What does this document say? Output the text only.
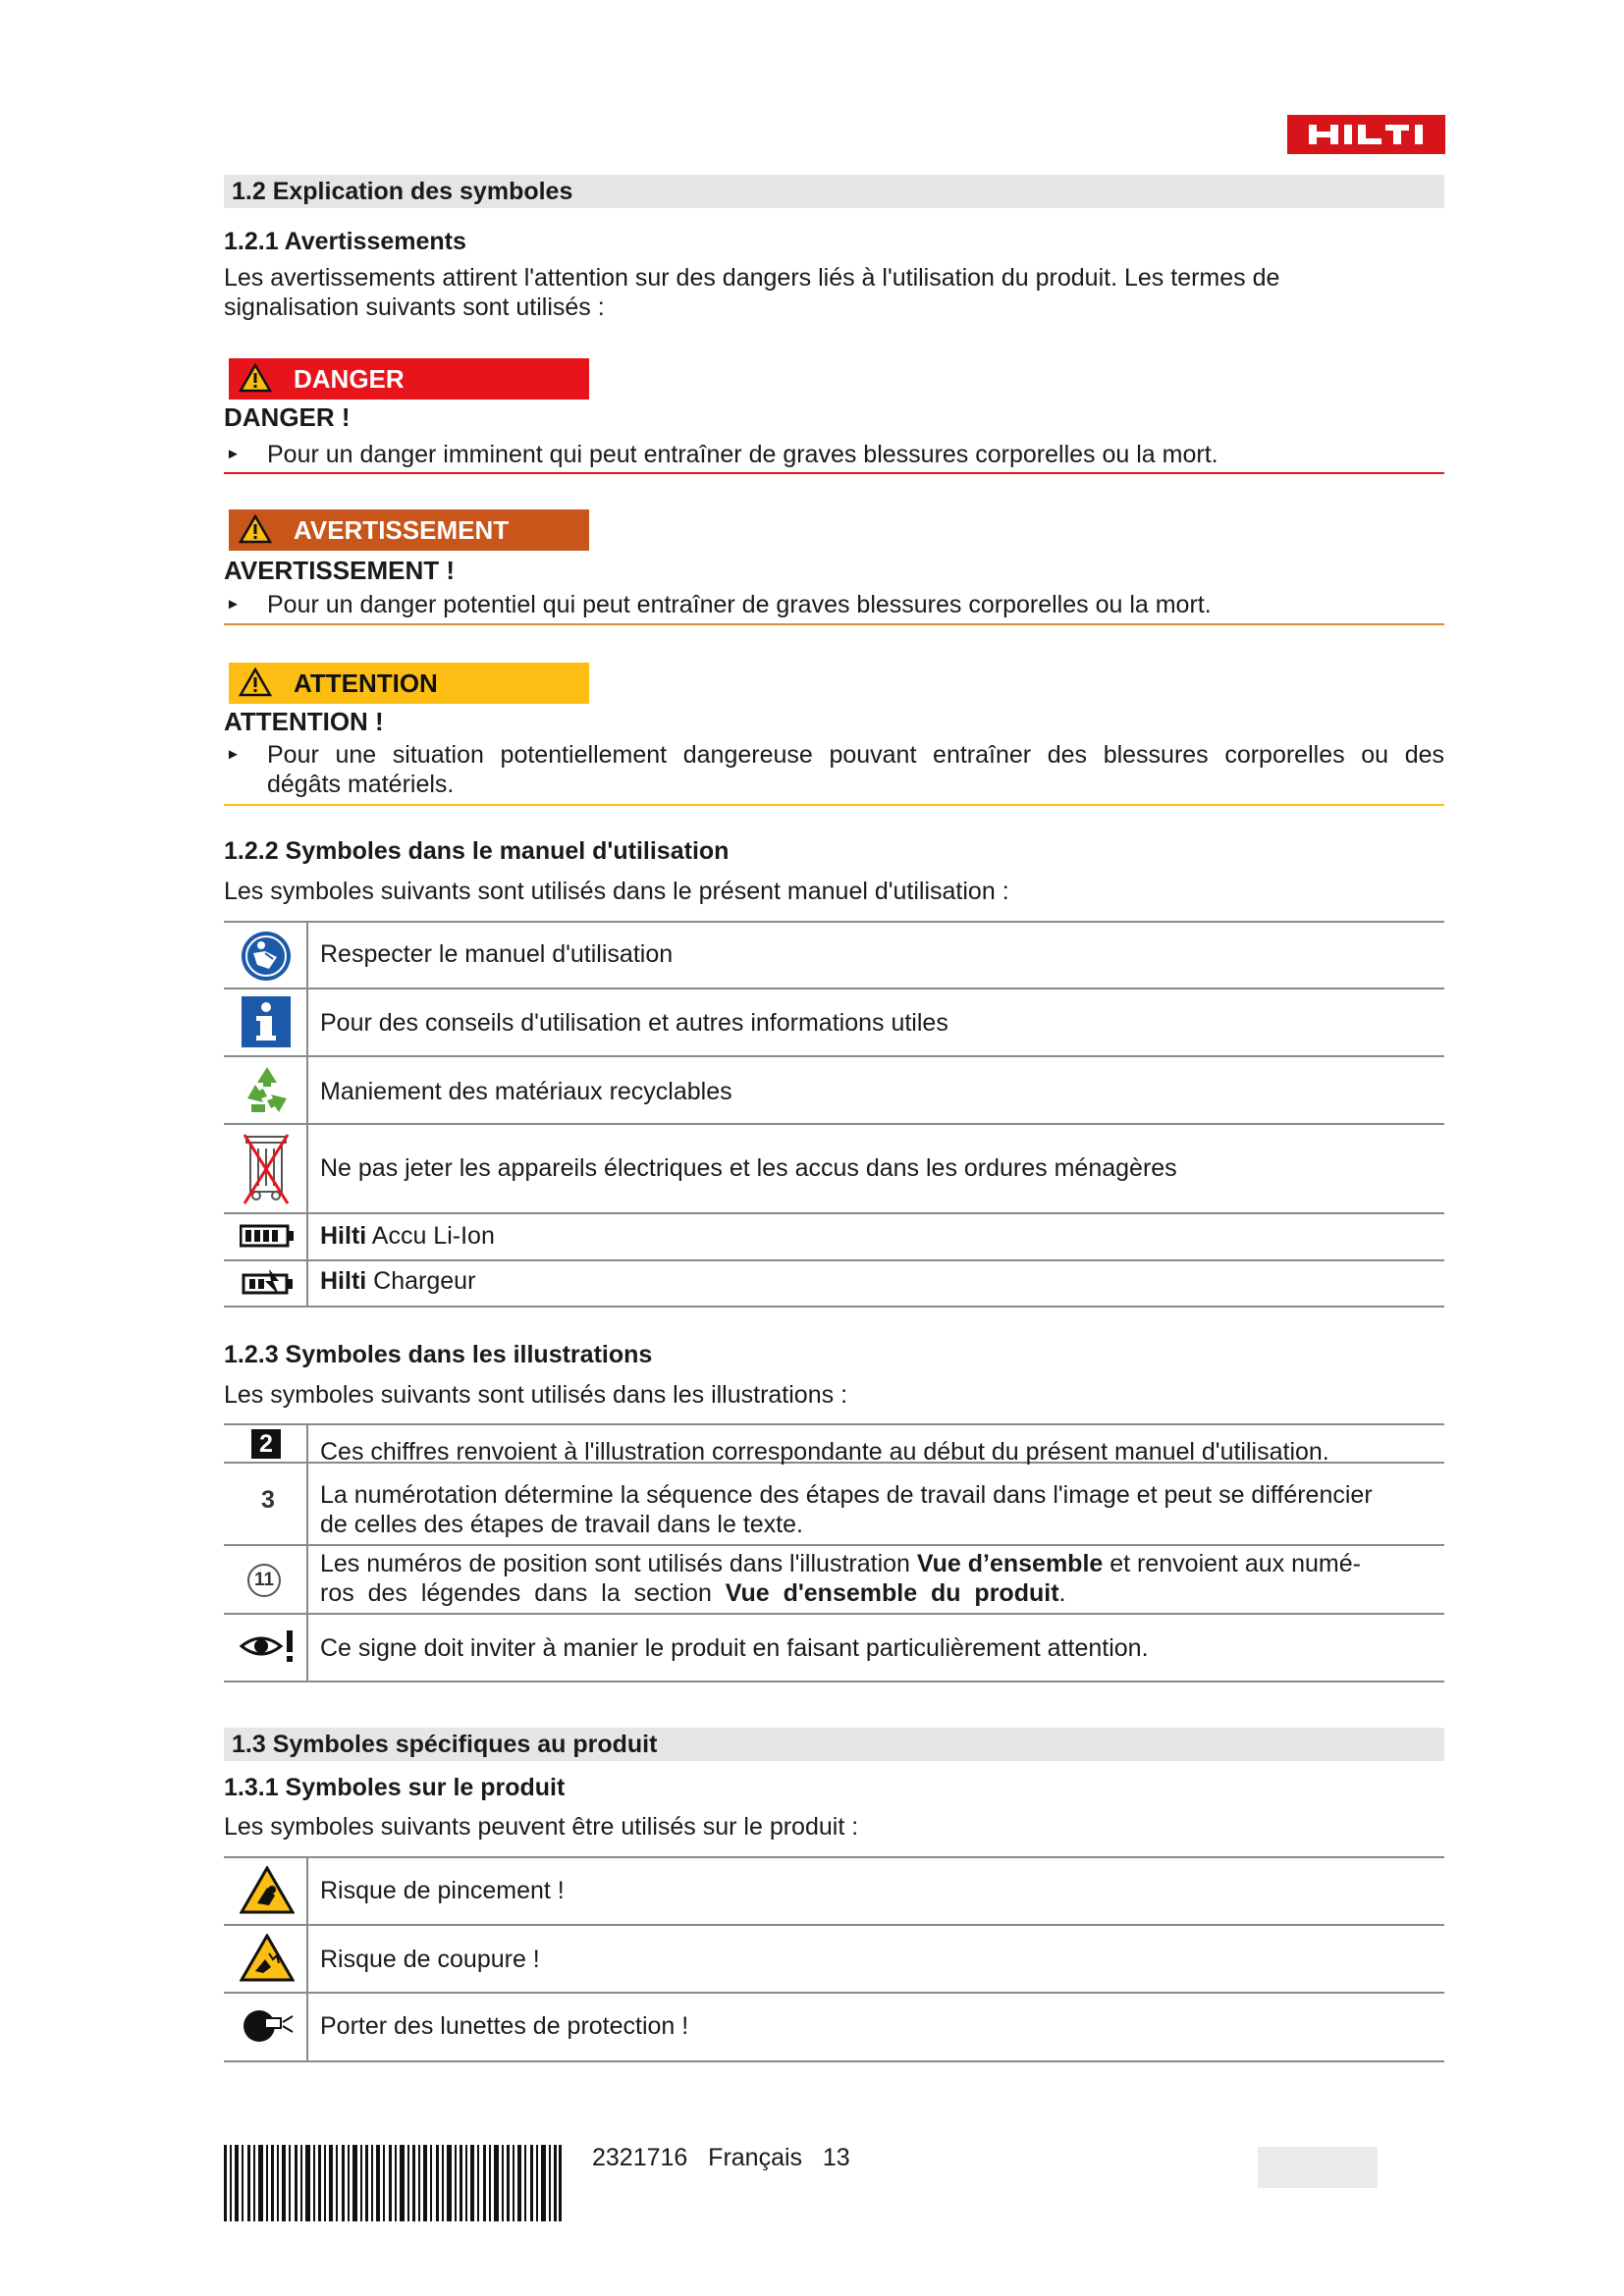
1.2 Explication des symboles
1.2.1 Avertissements
Les avertissements attirent l'attention sur des dangers liés à l'utilisation du produit. Les termes de
signalisation suivants sont utilisés :
DANGER
DANGER !
► Pour un danger imminent qui peut entraîner de graves blessures corporelles ou la mort.
AVERTISSEMENT
AVERTISSEMENT !
► Pour un danger potentiel qui peut entraîner de graves blessures corporelles ou la mort.
ATTENTION
ATTENTION !
► Pour une situation potentiellement dangereuse pouvant entraîner des blessures corporelles ou des
dégâts matériels.
1.2.2 Symboles dans le manuel d'utilisation
Les symboles suivants sont utilisés dans le présent manuel d'utilisation :
Respecter le manuel d'utilisation
Pour des conseils d'utilisation et autres informations utiles
Maniement des matériaux recyclables
Ne pas jeter les appareils électriques et les accus dans les ordures ménagères
Hilti Accu Li-Ion
Hilti Chargeur
1.2.3 Symboles dans les illustrations
Les symboles suivants sont utilisés dans les illustrations :
2
3
11
Ces chiffres renvoient à l'illustration correspondante au début du présent manuel d'utilisation.
La numérotation détermine la séquence des étapes de travail dans l'image et peut se différencier
de celles des étapes de travail dans le texte.
Les numéros de position sont utilisés dans l'illustration Vue d’ensemble et renvoient aux numé-
ros  des  légendes  dans  la  section  Vue  d'ensemble  du  produit.
Ce signe doit inviter à manier le produit en faisant particulièrement attention.
1.3 Symboles spécifiques au produit
1.3.1 Symboles sur le produit
Les symboles suivants peuvent être utilisés sur le produit :
Risque de pincement !
Risque de coupure !
Porter des lunettes de protection !
2321716 Français 13
